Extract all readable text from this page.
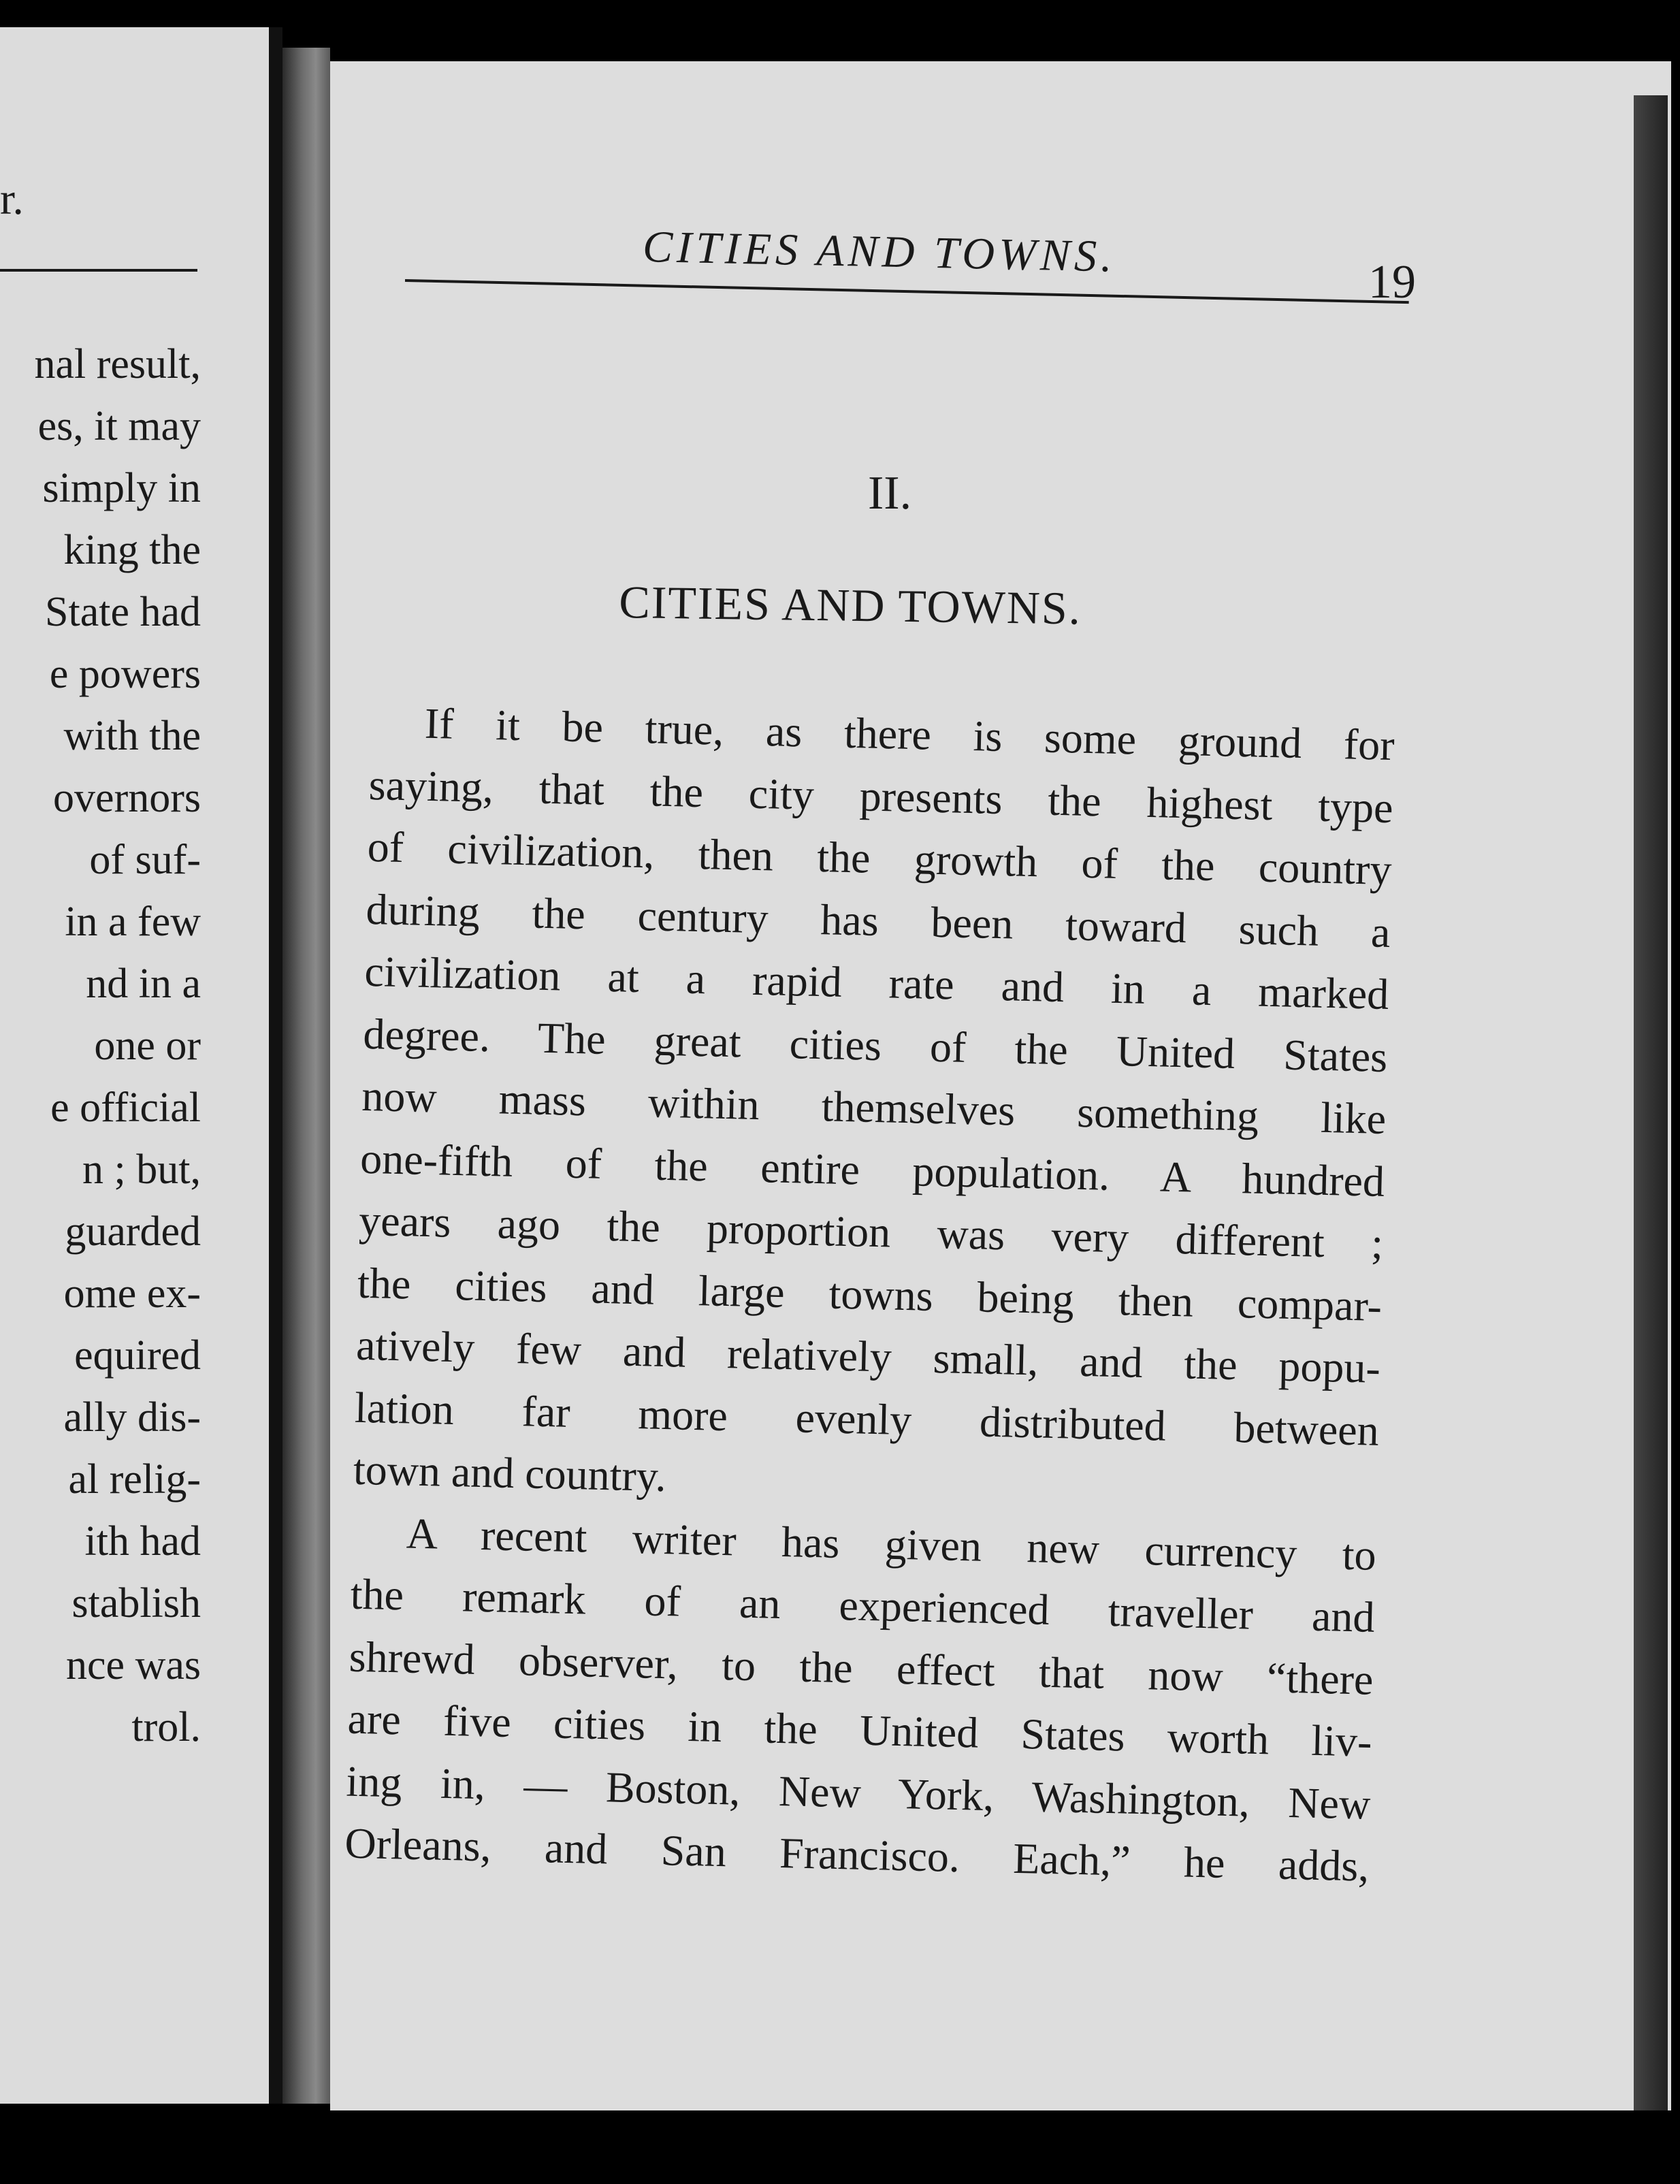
r.
nal result,
es, it may
simply in
king the
State had
e powers
with the
overnors
of suf-
in a few
nd in a
one or
e official
n ; but,
guarded
ome ex-
equired
ally dis-
al relig-
ith had
stablish
nce was
trol.
CITIES AND TOWNS.
19
II.
CITIES AND TOWNS.
If it be true, as there is some ground for
saying, that the city presents the highest type
of civilization, then the growth of the country
during the century has been toward such a
civilization at a rapid rate and in a marked
degree. The great cities of the United States
now mass within themselves something like
one-fifth of the entire population. A hundred
years ago the proportion was very different ;
the cities and large towns being then compar-
atively few and relatively small, and the popu-
lation far more evenly distributed between
town and country.
A recent writer has given new currency to
the remark of an experienced traveller and
shrewd observer, to the effect that now “there
are five cities in the United States worth liv-
ing in, — Boston, New York, Washington, New
Orleans, and San Francisco. Each,” he adds,
